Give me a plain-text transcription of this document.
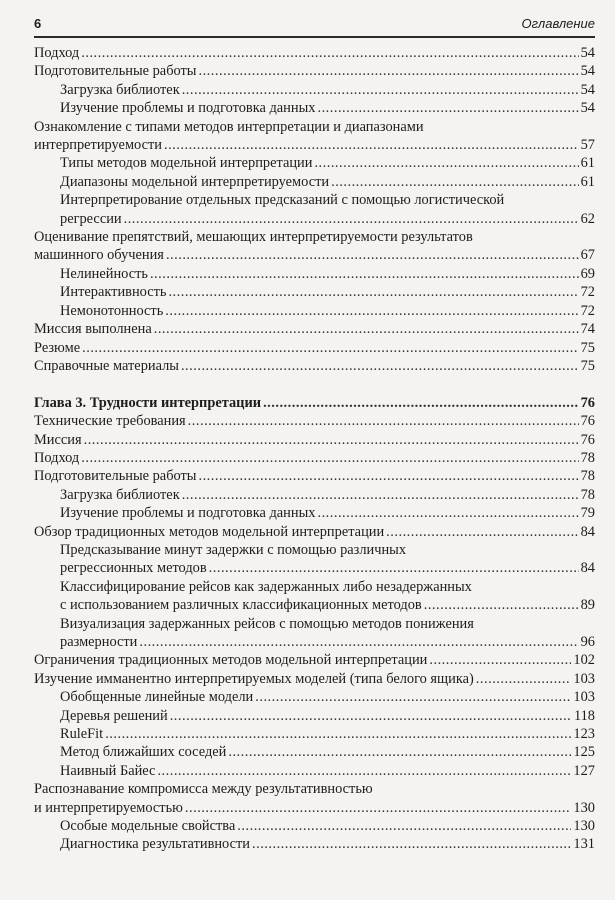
6	Оглавление
Подход .....	54
Подготовительные работы .....	54
Загрузка библиотек .....	54
Изучение проблемы и подготовка данных .....	54
Ознакомление с типами методов интерпретации и диапазонами
интерпретируемости .....	57
Типы методов модельной интерпретации .....	61
Диапазоны модельной интерпретируемости .....	61
Интерпретирование отдельных предсказаний с помощью логистической
регрессии .....	62
Оценивание препятствий, мешающих интерпретируемости результатов
машинного обучения .....	67
Нелинейность .....	69
Интерактивность .....	72
Немонотонность .....	72
Миссия выполнена .....	74
Резюме .....	75
Справочные материалы .....	75
Глава 3. Трудности интерпретации .....	76
Технические требования .....	76
Миссия .....	76
Подход .....	78
Подготовительные работы .....	78
Загрузка библиотек .....	78
Изучение проблемы и подготовка данных .....	79
Обзор традиционных методов модельной интерпретации .....	84
Предсказывание минут задержки с помощью различных
регрессионных методов .....	84
Классифицирование рейсов как задержанных либо незадержанных
с использованием различных классификационных методов .....	89
Визуализация задержанных рейсов с помощью методов понижения
размерности .....	96
Ограничения традиционных методов модельной интерпретации .....	102
Изучение имманентно интерпретируемых моделей (типа белого ящика) .....	103
Обобщенные линейные модели .....	103
Деревья решений .....	118
RuleFit .....	123
Метод ближайших соседей .....	125
Наивный Байес .....	127
Распознавание компромисса между результативностью
и интерпретируемостью .....	130
Особые модельные свойства .....	130
Диагностика результативности .....	131
